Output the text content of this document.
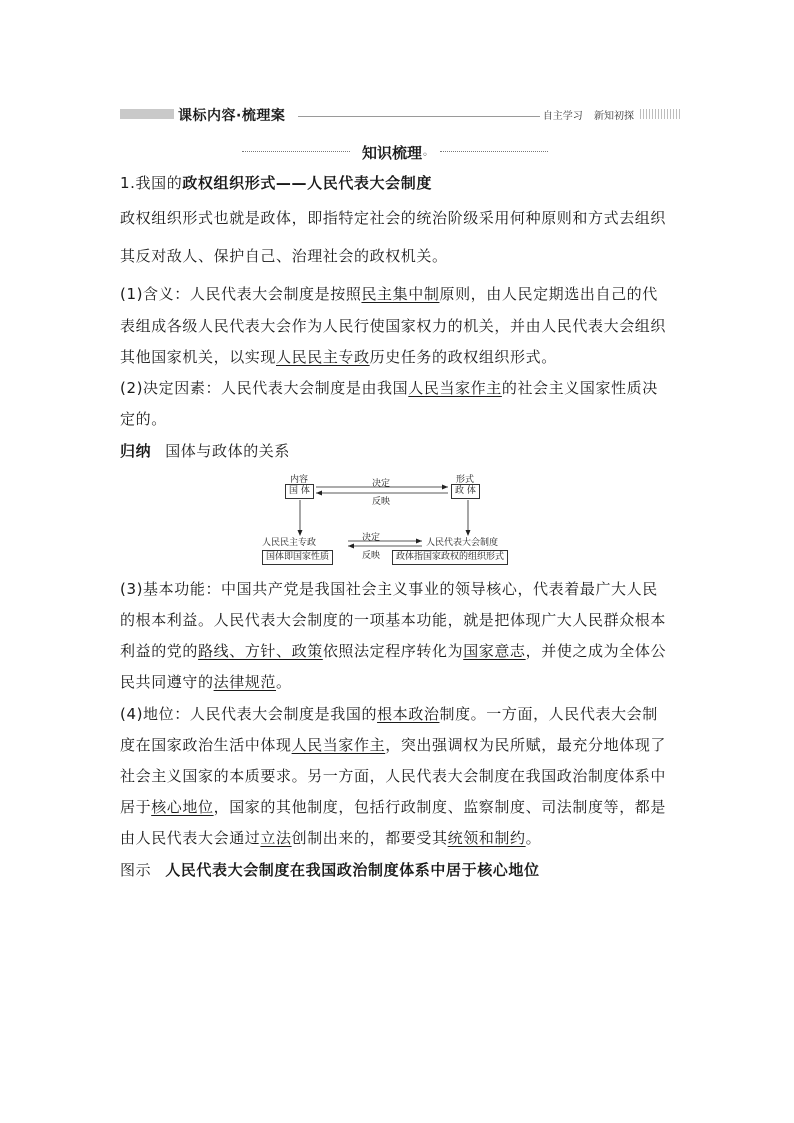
课标内容·梳理案	自主学习 新知初探
知识梳理◦
1.我国的政权组织形式——人民代表大会制度
政权组织形式也就是政体，即指特定社会的统治阶级采用何种原则和方式去组织
其反对敌人、保护自己、治理社会的政权机关。
(1)含义：人民代表大会制度是按照民主集中制原则，由人民定期选出自己的代
表组成各级人民代表大会作为人民行使国家权力的机关，并由人民代表大会组织
其他国家机关，以实现人民民主专政历史任务的政权组织形式。
(2)决定因素：人民代表大会制度是由我国人民当家作主的社会主义国家性质决
定的。
归纳 国体与政体的关系
内容
国 体
决定
反映
形式
政 体
人民民主专政	决定
反映
人民代表大会制度
国体即国家性质	政体指国家政权的组织形式
(3)基本功能：中国共产党是我国社会主义事业的领导核心，代表着最广大人民
的根本利益。人民代表大会制度的一项基本功能，就是把体现广大人民群众根本
利益的党的路线、方针、政策依照法定程序转化为国家意志，并使之成为全体公
民共同遵守的法律规范。
(4)地位：人民代表大会制度是我国的根本政治制度。一方面，人民代表大会制
度在国家政治生活中体现人民当家作主，突出强调权为民所赋，最充分地体现了
社会主义国家的本质要求。另一方面，人民代表大会制度在我国政治制度体系中
居于核心地位，国家的其他制度，包括行政制度、监察制度、司法制度等，都是
由人民代表大会通过立法创制出来的，都要受其统领和制约。
图示 人民代表大会制度在我国政治制度体系中居于核心地位
